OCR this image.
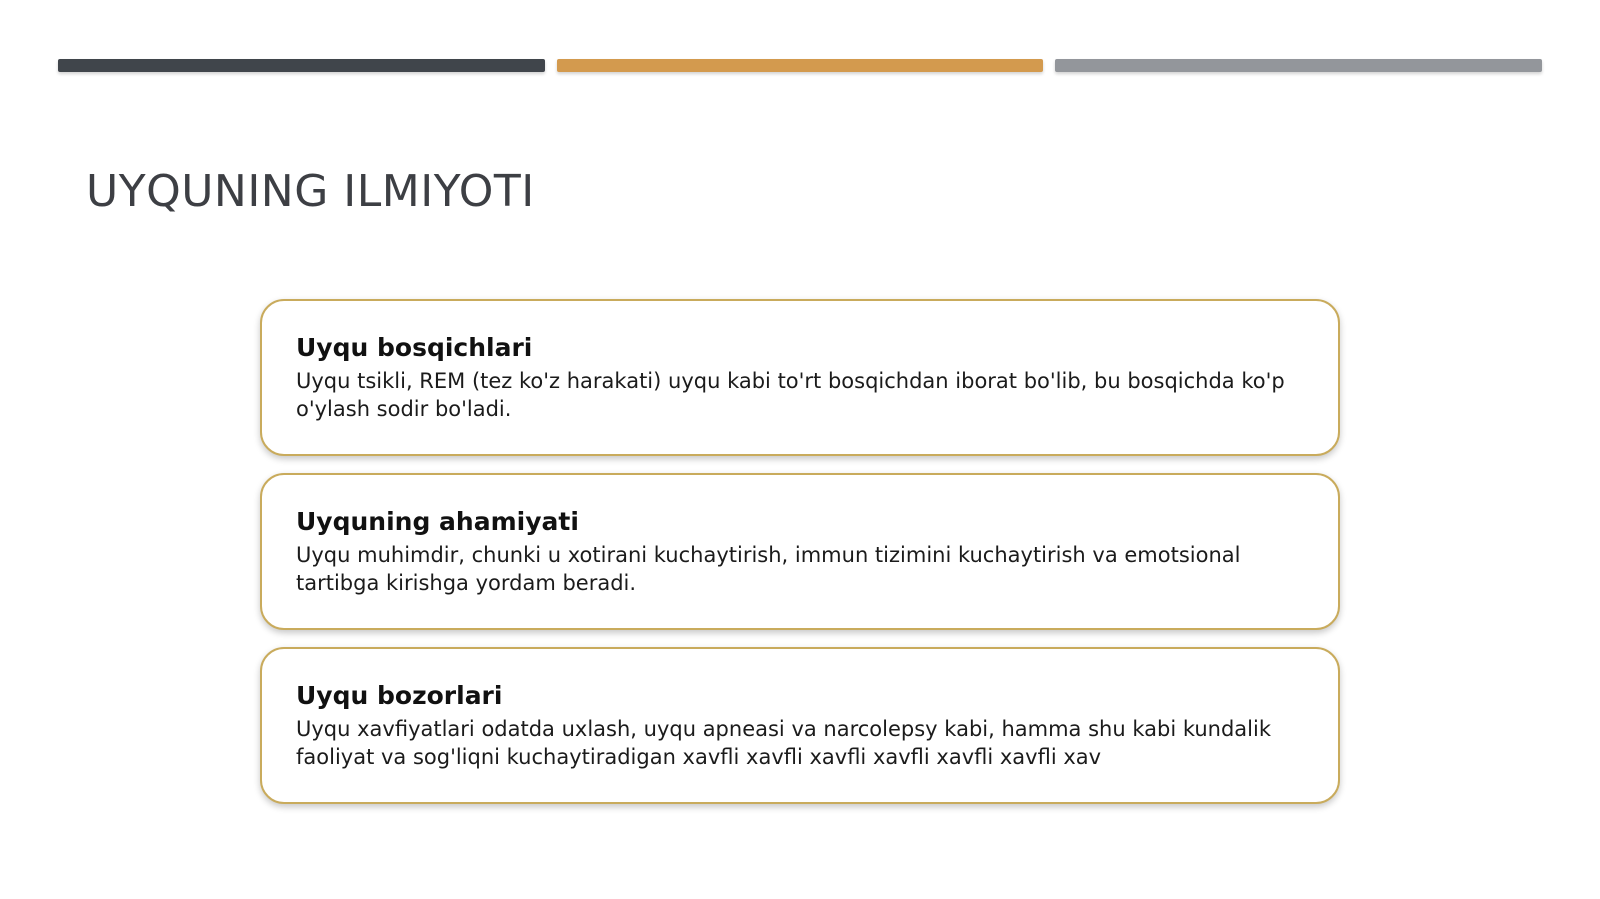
UYQUNING ILMIYOTI
Uyqu bosqichlari

Uyqu tsikli, REM (tez ko'z harakati) uyqu kabi to'rt bosqichdan iborat bo'lib, bu bosqichda ko'p o'ylash sodir bo'ladi.

Uyquning ahamiyati

Uyqu muhimdir, chunki u xotirani kuchaytirish, immun tizimini kuchaytirish va emotsional tartibga kirishga yordam beradi.

Uyqu bozorlari

Uyqu xavfiyatlari odatda uxlash, uyqu apneasi va narcolepsy kabi, hamma shu kabi kundalik faoliyat va sog'liqni kuchaytiradigan xavfli xavfli xavfli xavfli xavfli xavfli xav
